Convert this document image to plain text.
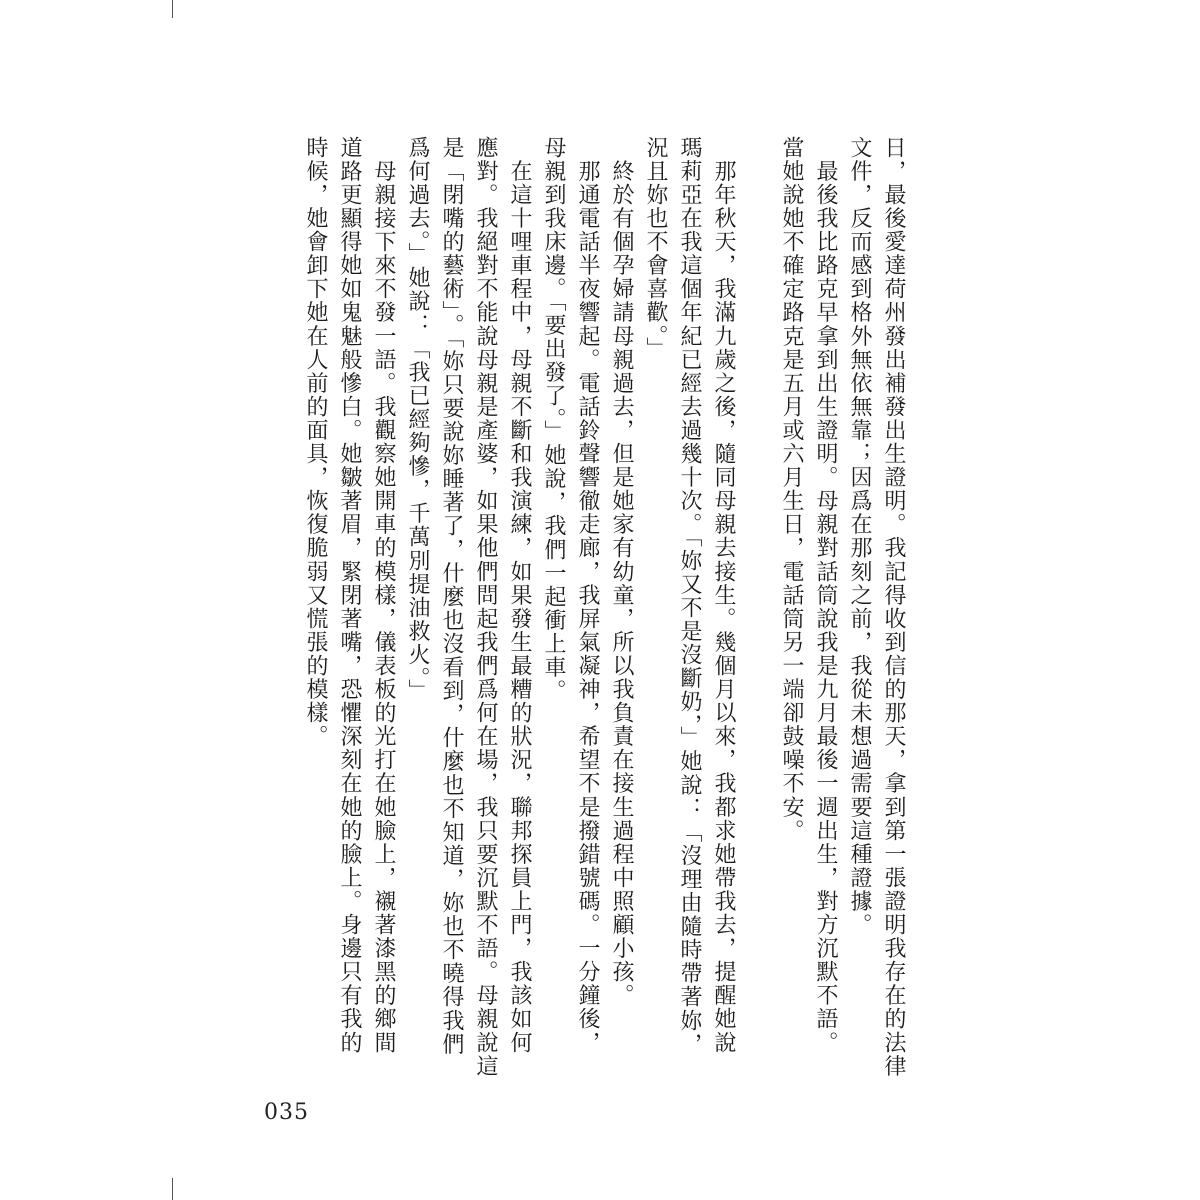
日，最後愛達荷州發出補發出生證明。我記得收到信的那天，拿到第一張證明我存在的法律
文件，反而感到格外無依無靠；因爲在那刻之前，我從未想過需要這種證據。
　最後我比路克早拿到出生證明。母親對話筒說我是九月最後一週出生，對方沉默不語。
當她說她不確定路克是五月或六月生日，電話筒另一端卻鼓噪不安。
　那年秋天，我滿九歲之後，隨同母親去接生。幾個月以來，我都求她帶我去，提醒她說
瑪莉亞在我這個年紀已經去過幾十次。「妳又不是沒斷奶，」她說：「沒理由隨時帶著妳，
況且妳也不會喜歡。」
　終於有個孕婦請母親過去，但是她家有幼童，所以我負責在接生過程中照顧小孩。
　那通電話半夜響起。電話鈴聲響徹走廊，我屏氣凝神，希望不是撥錯號碼。一分鐘後，
母親到我床邊。「要出發了。」她說，我們一起衝上車。
　在這十哩車程中，母親不斷和我演練，如果發生最糟的狀況，聯邦探員上門，我該如何
應對。我絕對不能說母親是產婆，如果他們問起我們爲何在場，我只要沉默不語。母親說這
是「閉嘴的藝術」。「妳只要說妳睡著了，什麼也沒看到，什麼也不知道，妳也不曉得我們
爲何過去。」她說：「我已經夠慘，千萬別提油救火。」
　母親接下來不發一語。我觀察她開車的模樣，儀表板的光打在她臉上，襯著漆黑的鄉間
道路更顯得她如鬼魅般慘白。她皺著眉，緊閉著嘴，恐懼深刻在她的臉上。身邊只有我的
時候，她會卸下她在人前的面具，恢復脆弱又慌張的模樣。
035
